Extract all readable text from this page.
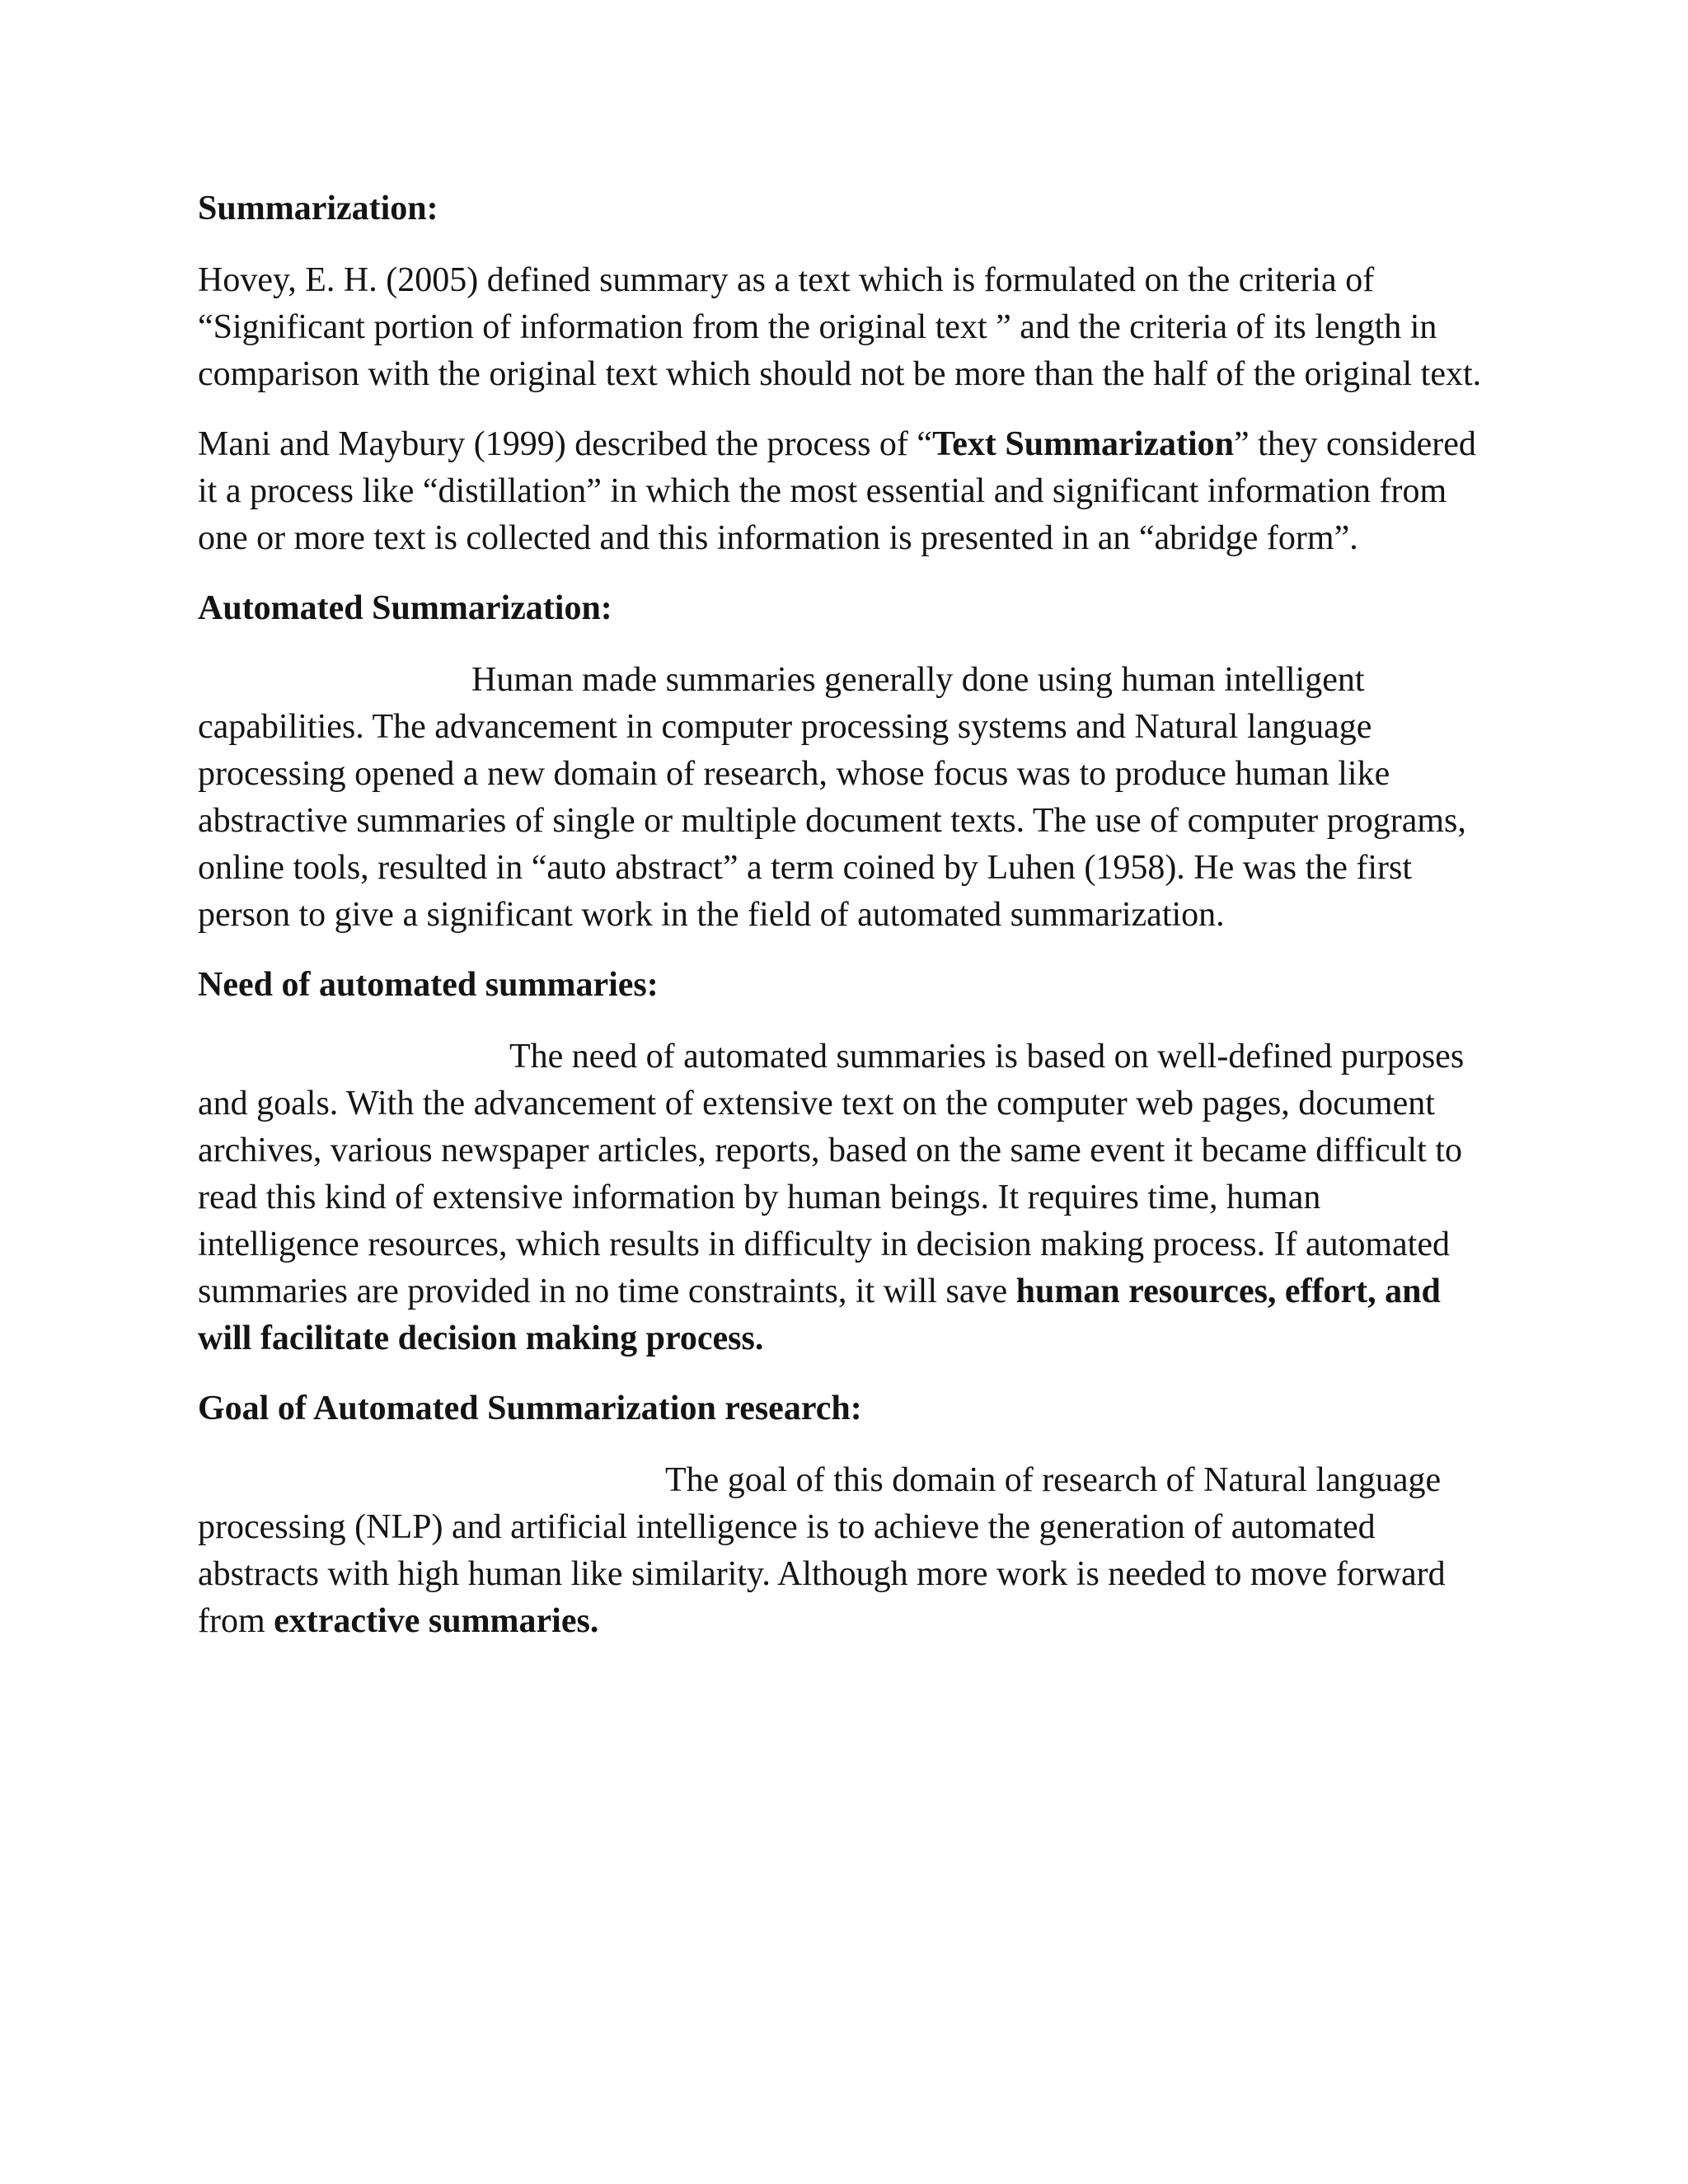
Summarization:

Hovey, E. H. (2005) defined summary as a text which is formulated on the criteria of “Significant portion of information from the original text ” and the criteria of its length in comparison with the original text which should not be more than the half of the original text.

Mani and Maybury (1999) described the process of “Text Summarization” they considered it a process like “distillation” in which the most essential and significant information from one or more text is collected and this information is presented in an “abridge form”.

Automated Summarization:

Human made summaries generally done using human intelligent capabilities. The advancement in computer processing systems and Natural language processing opened a new domain of research, whose focus was to produce human like abstractive summaries of single or multiple document texts. The use of computer programs, online tools, resulted in “auto abstract” a term coined by Luhen (1958). He was the first person to give a significant work in the field of automated summarization.

Need of automated summaries:

The need of automated summaries is based on well-defined purposes and goals. With the advancement of extensive text on the computer web pages, document archives, various newspaper articles, reports, based on the same event it became difficult to read this kind of extensive information by human beings. It requires time, human intelligence resources, which results in difficulty in decision making process. If automated summaries are provided in no time constraints, it will save human resources, effort, and will facilitate decision making process.

Goal of Automated Summarization research:

The goal of this domain of research of Natural language processing (NLP) and artificial intelligence is to achieve the generation of automated abstracts with high human like similarity. Although more work is needed to move forward from extractive summaries.
